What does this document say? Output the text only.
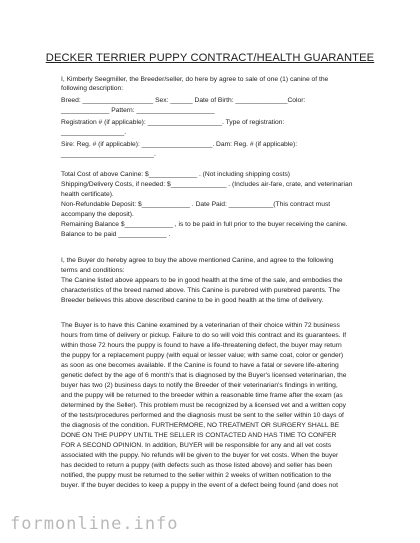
DECKER TERRIER PUPPY CONTRACT/HEALTH GUARANTEE
I, Kimberly Seegmiller, the Breeder/seller, do here by agree to sale of one (1) canine of the
following description:
Breed: ___________________ Sex: ______ Date of Birth: ______________Color:
_____________ Pattern: _____________________
Registration # (if applicable): ____________________. Type of registration:
_________________.
Sire: Reg. # (if applicable): ___________________. Dam: Reg. # (if applicable):
_________________________.
Total Cost of above Canine: $_____________ . (Not including shipping costs)
Shipping/Delivery Costs, if needed: $_______________ . (Includes air-fare, crate, and veterinarian
health certificate).
Non-Refundable Deposit: $_____________ . Date Paid: ____________(This contract must
accompany the deposit).
Remaining Balance $_____________ , is to be paid in full prior to the buyer receiving the canine.
Balance to be paid _____________ .
I, the Buyer do hereby agree to buy the above mentioned Canine, and agree to the following
terms and conditions:
The Canine listed above appears to be in good health at the time of the sale, and embodies the
characteristics of the breed named above. This Canine is purebred with purebred parents. The
Breeder believes this above described canine to be in good health at the time of delivery.
The Buyer is to have this Canine examined by a veterinarian of their choice within 72 business
hours from time of delivery or pickup. Failure to do so will void this contract and its guarantees. If
within those 72 hours the puppy is found to have a life-threatening defect, the buyer may return
the puppy for a replacement puppy (with equal or lesser value; with same coat, color or gender)
as soon as one becomes available. If the Canine is found to have a fatal or severe life-altering
genetic defect by the age of 6 month's that is diagnosed by the Buyer's licensed veterinarian, the
buyer has two (2) business days to notify the Breeder of their veterinarian's findings in writing,
and the puppy will be returned to the breeder within a reasonable time frame after the exam (as
determined by the Seller). This problem must be recognized by a licensed vet and a written copy
of the tests/procedures performed and the diagnosis must be sent to the seller within 10 days of
the diagnosis of the condition. FURTHERMORE, NO TREATMENT OR SURGERY SHALL BE
DONE ON THE PUPPY UNTIL THE SELLER IS CONTACTED AND HAS TIME TO CONFER
FOR A SECOND OPINION. In addition, BUYER will be responsible for any and all vet costs
associated with the puppy. No refunds will be given to the buyer for vet costs. When the buyer
has decided to return a puppy (with defects such as those listed above) and seller has been
notified, the puppy must be returned to the seller within 2 weeks of written notification to the
buyer. If the buyer decides to keep a puppy in the event of a defect being found (and does not
formonline.info
